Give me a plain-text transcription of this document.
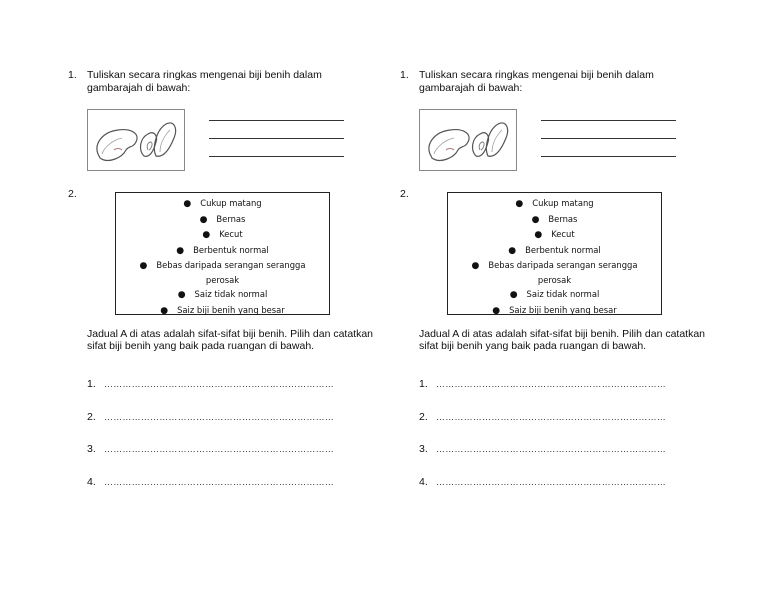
1. Tuliskan secara ringkas mengenai biji benih dalam gambarajah di bawah:
2.
● Cukup matang
● Bernas
● Kecut
● Berbentuk normal
● Bebas daripada serangan serangga
perosak
● Saiz tidak normal
● Saiz biji benih yang besar
Jadual A di atas adalah sifat-sifat biji benih. Pilih dan catatkan sifat biji benih yang baik pada ruangan di bawah.
1. …………………………………………………………………
2. …………………………………………………………………
3. …………………………………………………………………
4. …………………………………………………………………
1. Tuliskan secara ringkas mengenai biji benih dalam gambarajah di bawah:
2.
● Cukup matang
● Bernas
● Kecut
● Berbentuk normal
● Bebas daripada serangan serangga
perosak
● Saiz tidak normal
● Saiz biji benih yang besar
Jadual A di atas adalah sifat-sifat biji benih. Pilih dan catatkan sifat biji benih yang baik pada ruangan di bawah.
1. …………………………………………………………………
2. …………………………………………………………………
3. …………………………………………………………………
4. …………………………………………………………………
